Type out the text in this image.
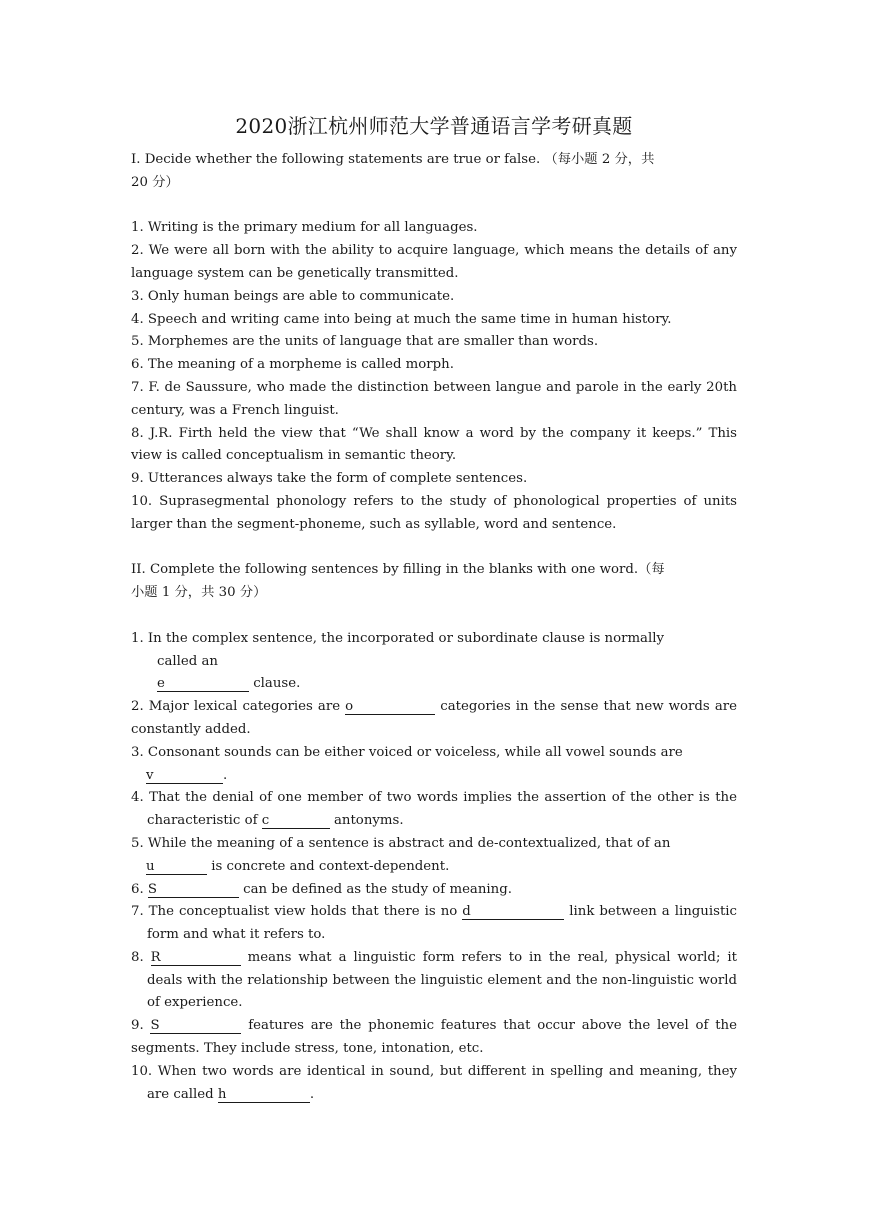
2020浙江杭州师范大学普通语言学考研真题

I. Decide whether the following statements are true or false. （每小题 2 分，共
20 分）

1. Writing is the primary medium for all languages.

2. We were all born with the ability to acquire language, which means the details of any language system can be genetically transmitted.

3. Only human beings are able to communicate.

4. Speech and writing came into being at much the same time in human history.

5. Morphemes are the units of language that are smaller than words.

6. The meaning of a morpheme is called morph.

7. F. de Saussure, who made the distinction between langue and parole in the early 20th century, was a French linguist.

8. J.R. Firth held the view that “We shall know a word by the company it keeps.” This view is called conceptualism in semantic theory.

9. Utterances always take the form of complete sentences.

10. Suprasegmental phonology refers to the study of phonological properties of units larger than the segment-phoneme, such as syllable, word and sentence.

II. Complete the following sentences by filling in the blanks with one word.（每
小题 1 分，共 30 分）

1. In the complex sentence, the incorporated or subordinate clause is normally

called an

e	clause.

2. Major lexical categories are o	categories in the sense that new words are constantly added.

3. Consonant sounds can be either voiced or voiceless, while all vowel sounds are
v	.

4. That the denial of one member of two words implies the assertion of the other is the characteristic of c	antonyms.

5. While the meaning of a sentence is abstract and de-contextualized, that of an
u	is concrete and context-dependent.

6. S	can be defined as the study of meaning.

7. The conceptualist view holds that there is no d	link between a linguistic form and what it refers to.

8. R	means what a linguistic form refers to in the real, physical world; it deals with the relationship between the linguistic element and the non-linguistic world of experience.

9. S	features are the phonemic features that occur above the level of the segments. They include stress, tone, intonation, etc.

10. When two words are identical in sound, but different in spelling and meaning, they are called h	.
